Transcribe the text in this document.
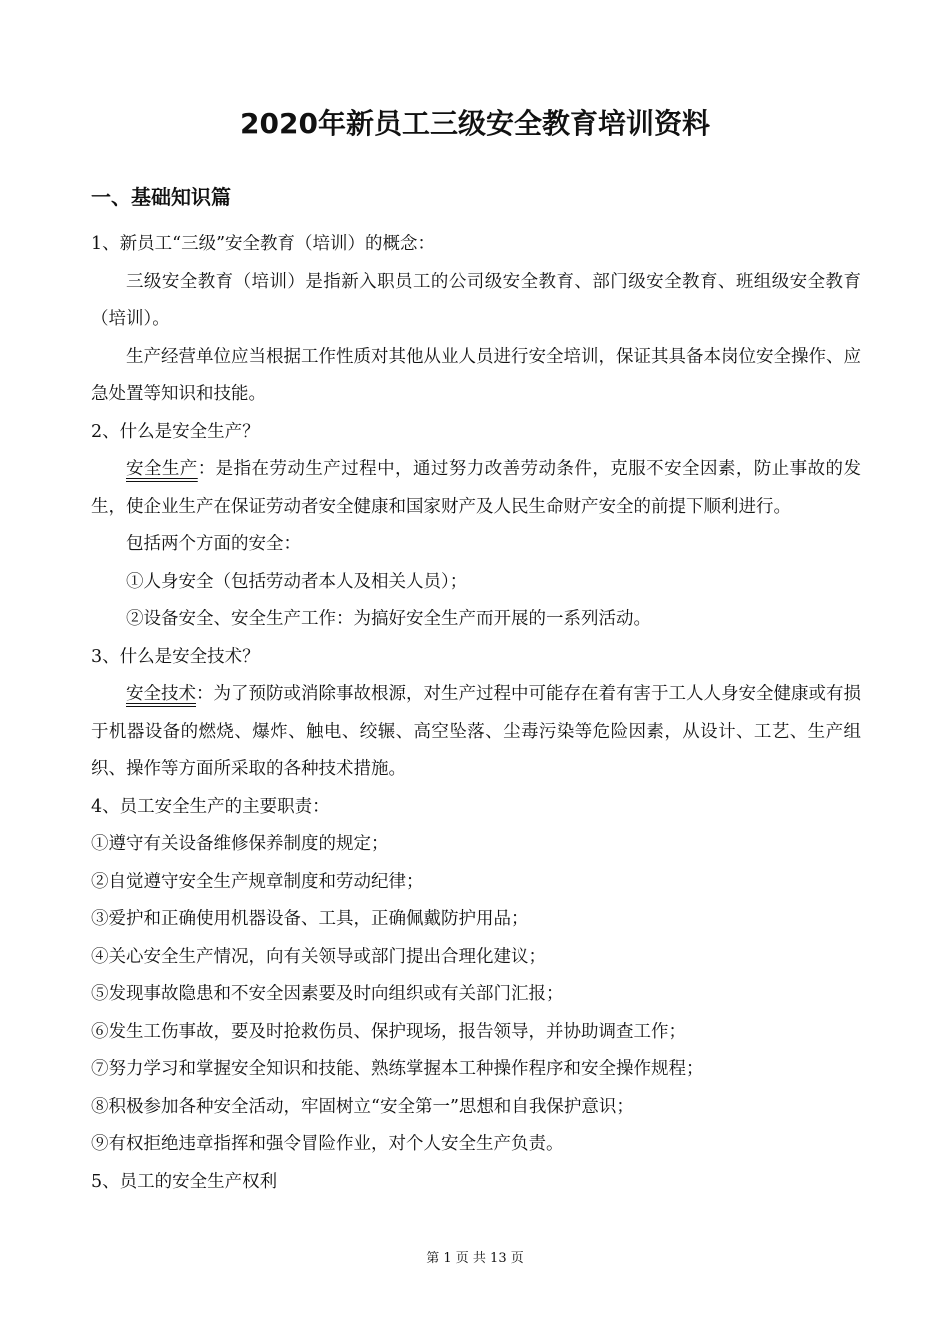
2020年新员工三级安全教育培训资料
一、基础知识篇
1、新员工“三级”安全教育（培训）的概念：

三级安全教育（培训）是指新入职员工的公司级安全教育、部门级安全教育、班组级安全教育（培训）。

生产经营单位应当根据工作性质对其他从业人员进行安全培训，保证其具备本岗位安全操作、应急处置等知识和技能。

2、什么是安全生产？

安全生产：是指在劳动生产过程中，通过努力改善劳动条件，克服不安全因素，防止事故的发生，使企业生产在保证劳动者安全健康和国家财产及人民生命财产安全的前提下顺利进行。

包括两个方面的安全：
①人身安全（包括劳动者本人及相关人员）；
②设备安全、安全生产工作：为搞好安全生产而开展的一系列活动。
3、什么是安全技术？

安全技术：为了预防或消除事故根源，对生产过程中可能存在着有害于工人人身安全健康或有损于机器设备的燃烧、爆炸、触电、绞辗、高空坠落、尘毒污染等危险因素，从设计、工艺、生产组织、操作等方面所采取的各种技术措施。

4、员工安全生产的主要职责：
①遵守有关设备维修保养制度的规定；
②自觉遵守安全生产规章制度和劳动纪律；
③爱护和正确使用机器设备、工具，正确佩戴防护用品；
④关心安全生产情况，向有关领导或部门提出合理化建议；
⑤发现事故隐患和不安全因素要及时向组织或有关部门汇报；
⑥发生工伤事故，要及时抢救伤员、保护现场，报告领导，并协助调查工作；
⑦努力学习和掌握安全知识和技能、熟练掌握本工种操作程序和安全操作规程；
⑧积极参加各种安全活动，牢固树立“安全第一”思想和自我保护意识；
⑨有权拒绝违章指挥和强令冒险作业，对个人安全生产负责。
5、员工的安全生产权利
第 1 页 共 13 页
